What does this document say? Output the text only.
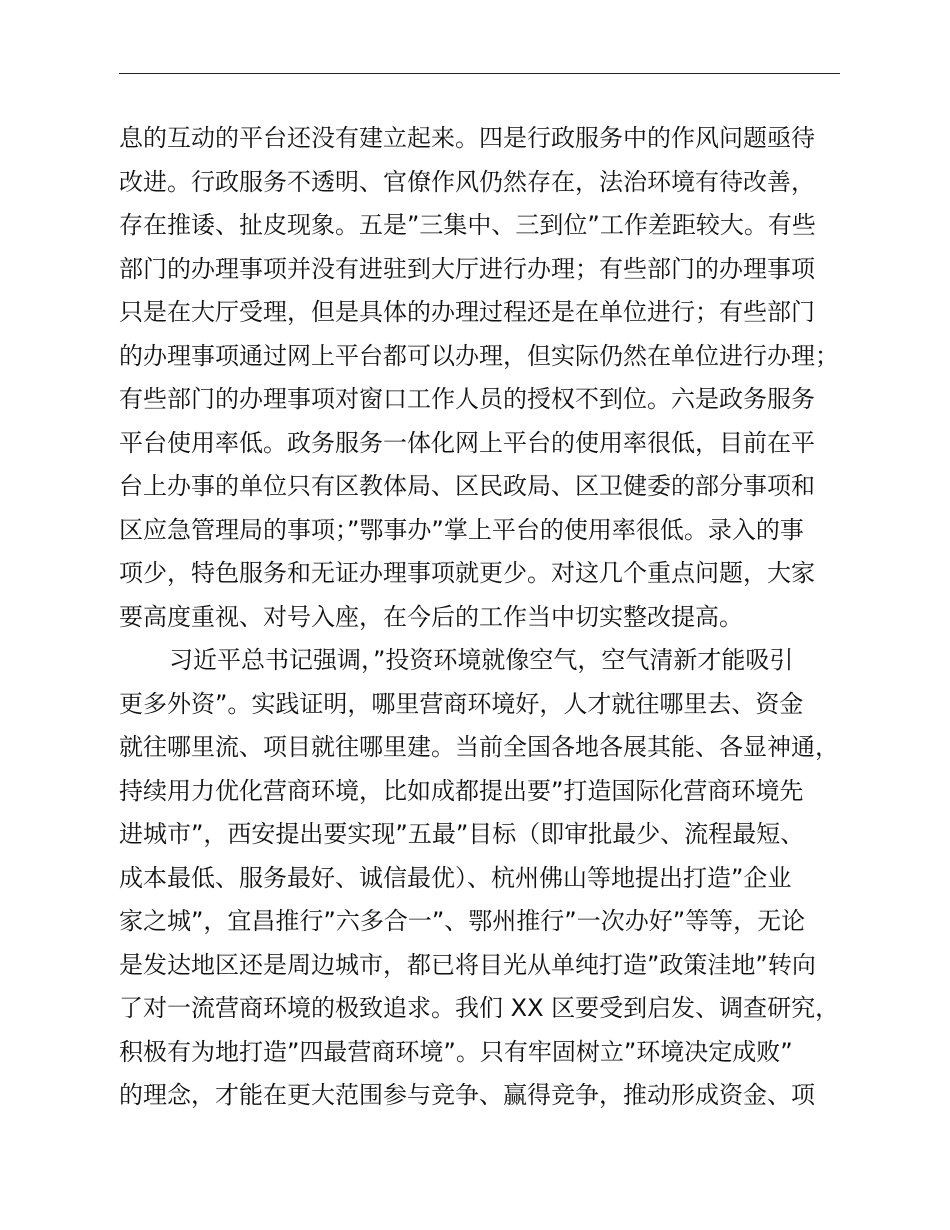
息的互动的平台还没有建立起来。四是行政服务中的作风问题亟待
改进。行政服务不透明、官僚作风仍然存在，法治环境有待改善，
存在推诿、扯皮现象。五是”三集中、三到位”工作差距较大。有些
部门的办理事项并没有进驻到大厅进行办理；有些部门的办理事项
只是在大厅受理，但是具体的办理过程还是在单位进行；有些部门
的办理事项通过网上平台都可以办理，但实际仍然在单位进行办理；
有些部门的办理事项对窗口工作人员的授权不到位。六是政务服务
平台使用率低。政务服务一体化网上平台的使用率很低，目前在平
台上办事的单位只有区教体局、区民政局、区卫健委的部分事项和
区应急管理局的事项；”鄂事办”掌上平台的使用率很低。录入的事
项少，特色服务和无证办理事项就更少。对这几个重点问题，大家
要高度重视、对号入座，在今后的工作当中切实整改提高。
习近平总书记强调，”投资环境就像空气，空气清新才能吸引
更多外资”。实践证明，哪里营商环境好，人才就往哪里去、资金
就往哪里流、项目就往哪里建。当前全国各地各展其能、各显神通，
持续用力优化营商环境，比如成都提出要”打造国际化营商环境先
进城市”，西安提出要实现”五最”目标（即审批最少、流程最短、
成本最低、服务最好、诚信最优）、杭州佛山等地提出打造”企业
家之城”，宜昌推行”六多合一”、鄂州推行”一次办好”等等，无论
是发达地区还是周边城市，都已将目光从单纯打造”政策洼地”转向
了对一流营商环境的极致追求。我们 XX 区要受到启发、调查研究，
积极有为地打造”四最营商环境”。只有牢固树立”环境决定成败”
的理念，才能在更大范围参与竞争、赢得竞争，推动形成资金、项
